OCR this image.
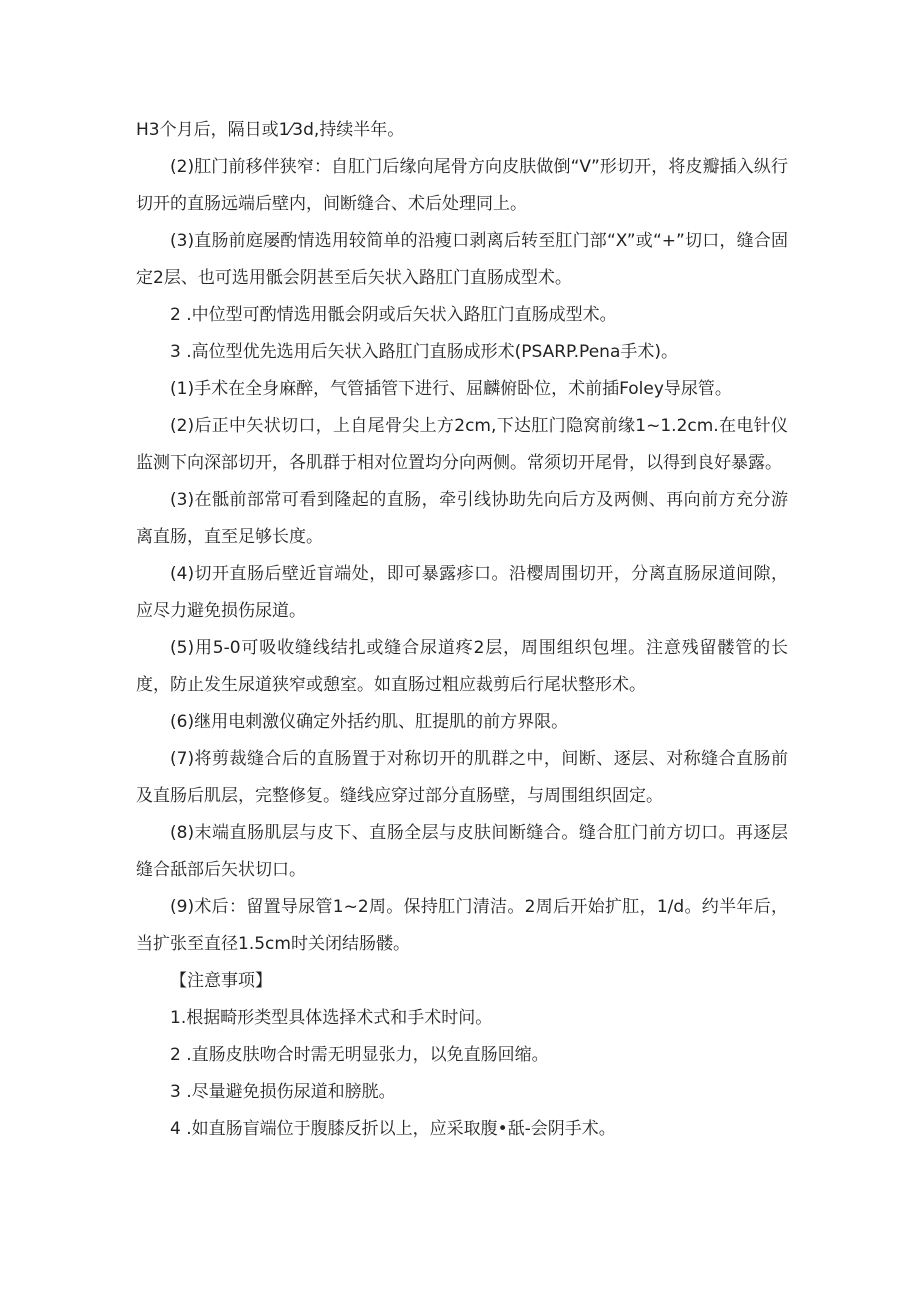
H3个月后，隔日或1⁄3d,持续半年。

(2)肛门前移伴狭窄：自肛门后缘向尾骨方向皮肤做倒“V”形切开，将皮瓣插入纵行切开的直肠远端后壁内，间断缝合、术后处理同上。

(3)直肠前庭屡酌情选用较简单的沿瘦口剥离后转至肛门部“X”或“+”切口，缝合固定2层、也可选用骶会阴甚至后矢状入路肛门直肠成型术。

2 .中位型可酌情选用骶会阴或后矢状入路肛门直肠成型术。

3 .高位型优先选用后矢状入路肛门直肠成形术(PSARP.Pena手术)。

(1)手术在全身麻醉，气管插管下进行、屈麟俯卧位，术前插Foley导尿管。

(2)后正中矢状切口，上自尾骨尖上方2cm,下达肛门隐窝前缘1~1.2cm.在电针仪监测下向深部切开，各肌群于相对位置均分向两侧。常须切开尾骨，以得到良好暴露。

(3)在骶前部常可看到隆起的直肠，牵引线协助先向后方及两侧、再向前方充分游离直肠，直至足够长度。

(4)切开直肠后壁近盲端处，即可暴露疹口。沿樱周围切开，分离直肠尿道间隙，应尽力避免损伤尿道。

(5)用5-0可吸收缝线结扎或缝合尿道疼2层，周围组织包埋。注意残留髅管的长度，防止发生尿道狭窄或憩室。如直肠过粗应裁剪后行尾状整形术。

(6)继用电刺激仪确定外括约肌、肛提肌的前方界限。

(7)将剪裁缝合后的直肠置于对称切开的肌群之中，间断、逐层、对称缝合直肠前及直肠后肌层，完整修复。缝线应穿过部分直肠壁，与周围组织固定。

(8)末端直肠肌层与皮下、直肠全层与皮肤间断缝合。缝合肛门前方切口。再逐层缝合舐部后矢状切口。

(9)术后：留置导尿管1~2周。保持肛门清洁。2周后开始扩肛，1/d。约半年后，当扩张至直径1.5cm时关闭结肠髅。

【注意事项】

1.根据畸形类型具体选择术式和手术时问。

2 .直肠皮肤吻合时需无明显张力，以免直肠回缩。

3 .尽量避免损伤尿道和膀胱。

4 .如直肠盲端位于腹膝反折以上，应采取腹•舐-会阴手术。
